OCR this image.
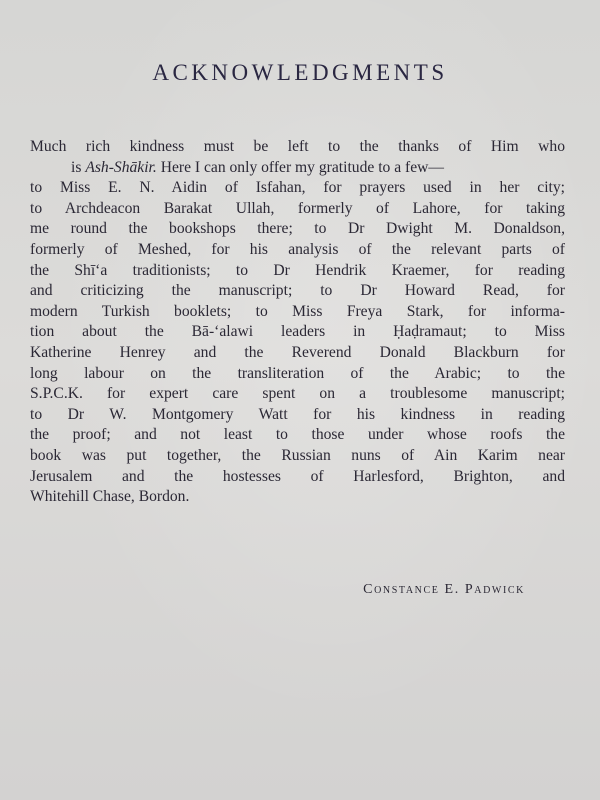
ACKNOWLEDGMENTS
Much rich kindness must be left to the thanks of Him who
is Ash-Shākir. Here I can only offer my gratitude to a few—
to Miss E. N. Aidin of Isfahan, for prayers used in her city;
to Archdeacon Barakat Ullah, formerly of Lahore, for taking
me round the bookshops there; to Dr Dwight M. Donaldson,
formerly of Meshed, for his analysis of the relevant parts of
the Shī‘a traditionists; to Dr Hendrik Kraemer, for reading
and criticizing the manuscript; to Dr Howard Read, for
modern Turkish booklets; to Miss Freya Stark, for informa-
tion about the Bā-‘alawi leaders in Ḥaḍramaut; to Miss
Katherine Henrey and the Reverend Donald Blackburn for
long labour on the transliteration of the Arabic; to the
S.P.C.K. for expert care spent on a troublesome manuscript;
to Dr W. Montgomery Watt for his kindness in reading
the proof; and not least to those under whose roofs the
book was put together, the Russian nuns of Ain Karim near
Jerusalem and the hostesses of Harlesford, Brighton, and
Whitehill Chase, Bordon.

Constance E. Padwick
